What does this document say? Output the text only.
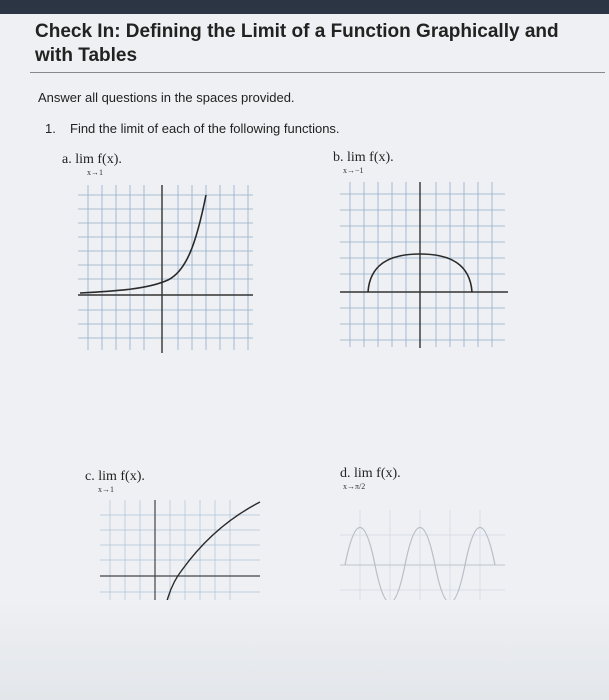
Check In: Defining the Limit of a Function Graphically and with Tables
Answer all questions in the spaces provided.
1. Find the limit of each of the following functions.
a. lim f(x).
x→1
b. lim f(x).
x→−1
c. lim f(x).
x→1
d. lim f(x).
x→π/2
